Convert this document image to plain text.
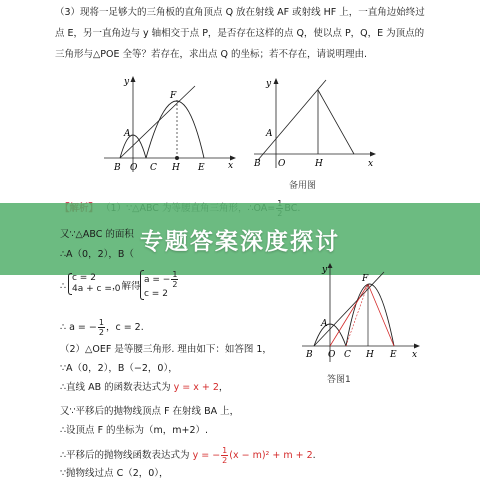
（3）现将一足够大的三角板的直角顶点 Q 放在射线 AF 或射线 HF 上，一直角边始终过
点 E，另一直角边与 y 轴相交于点 P，是否存在这样的点 Q，使以点 P，Q，E 为顶点的
三角形与△POE 全等？若存在，求出点 Q 的坐标；若不存在，请说明理由.
y
x
F
A
B O C H E
y
x
A
B O	H
备用图
专题答案深度探讨
又∵△ABC 的面积
∴A（0，2），B（
∴
c = 2
4a + c = 0
，解得
a = − $\frac{1}{2}$
c = 2
∴ a = − $\frac{1}{2}$ ，c = 2.
（2）△OEF 是等腰三角形. 理由如下：如答图 1，
∵A（0，2），B（−2，0），
∴直线 AB 的函数表达式为 y = x + 2，
又∵平移后的抛物线顶点 F 在射线 BA 上，
∴设顶点 F 的坐标为（m，m+2）.
∴平移后的抛物线函数表达式为 y = − $\frac{1}{2} (x - m)^2 + m + 2$.
∵抛物线过点 C（2，0），
y
x
F
A
B O C H E
答图1
